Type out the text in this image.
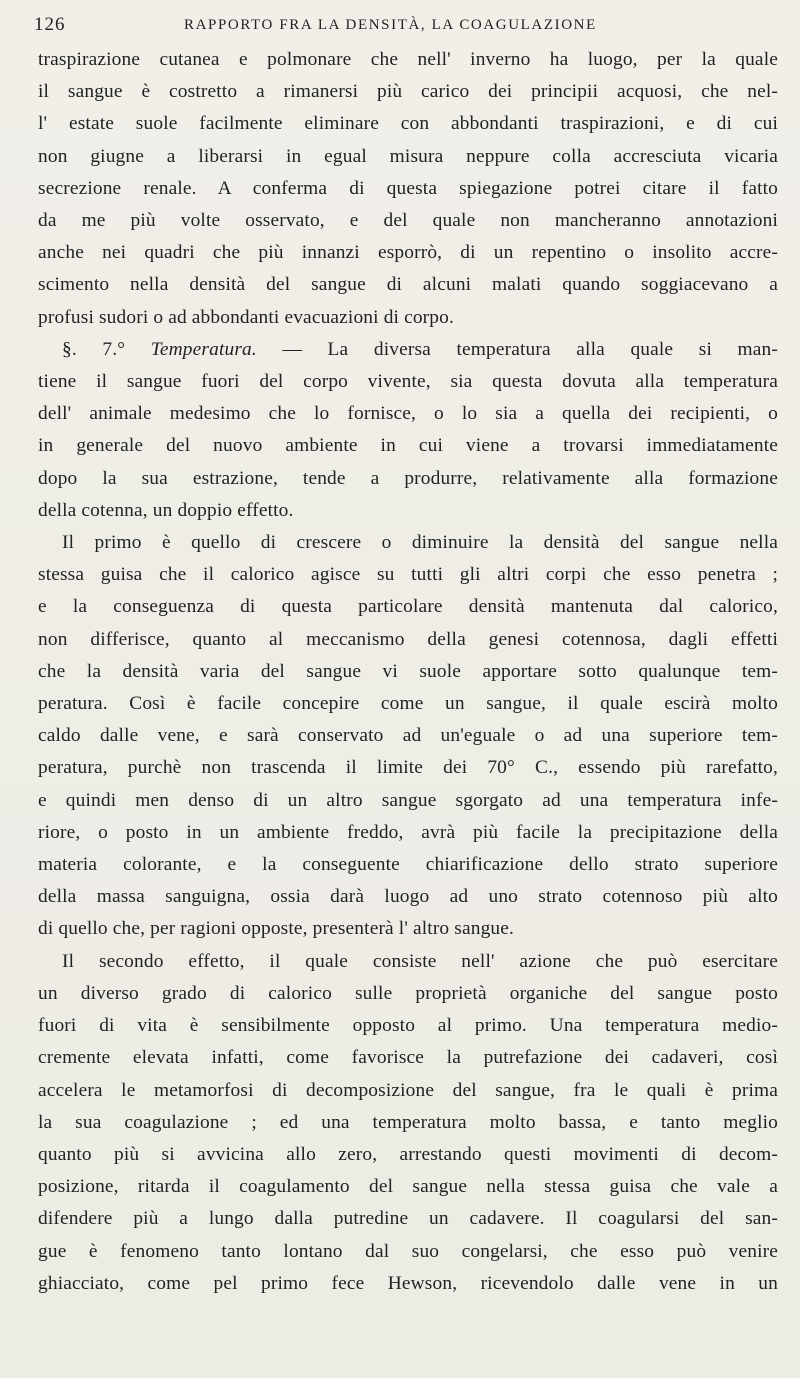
126	RAPPORTO FRA LA DENSITÀ, LA COAGULAZIONE

traspirazione cutanea e polmonare che nell' inverno ha luogo, per la quale
il sangue è costretto a rimanersi più carico dei principii acquosi, che nel-
l' estate suole facilmente eliminare con abbondanti traspirazioni, e di cui
non giugne a liberarsi in egual misura neppure colla accresciuta vicaria
secrezione renale. A conferma di questa spiegazione potrei citare il fatto
da me più volte osservato, e del quale non mancheranno annotazioni
anche nei quadri che più innanzi esporrò, di un repentino o insolito accre-
scimento nella densità del sangue di alcuni malati quando soggiacevano a
profusi sudori o ad abbondanti evacuazioni di corpo.

§. 7.° Temperatura. — La diversa temperatura alla quale si man-
tiene il sangue fuori del corpo vivente, sia questa dovuta alla temperatura
dell' animale medesimo che lo fornisce, o lo sia a quella dei recipienti, o
in generale del nuovo ambiente in cui viene a trovarsi immediatamente
dopo la sua estrazione, tende a produrre, relativamente alla formazione
della cotenna, un doppio effetto.

Il primo è quello di crescere o diminuire la densità del sangue nella
stessa guisa che il calorico agisce su tutti gli altri corpi che esso penetra ;
e la conseguenza di questa particolare densità mantenuta dal calorico,
non differisce, quanto al meccanismo della genesi cotennosa, dagli effetti
che la densità varia del sangue vi suole apportare sotto qualunque tem-
peratura. Così è facile concepire come un sangue, il quale escirà molto
caldo dalle vene, e sarà conservato ad un'eguale o ad una superiore tem-
peratura, purchè non trascenda il limite dei 70° C., essendo più rarefatto,
e quindi men denso di un altro sangue sgorgato ad una temperatura infe-
riore, o posto in un ambiente freddo, avrà più facile la precipitazione della
materia colorante, e la conseguente chiarificazione dello strato superiore
della massa sanguigna, ossia darà luogo ad uno strato cotennoso più alto
di quello che, per ragioni opposte, presenterà l' altro sangue.

Il secondo effetto, il quale consiste nell' azione che può esercitare
un diverso grado di calorico sulle proprietà organiche del sangue posto
fuori di vita è sensibilmente opposto al primo. Una temperatura medio-
cremente elevata infatti, come favorisce la putrefazione dei cadaveri, così
accelera le metamorfosi di decomposizione del sangue, fra le quali è prima
la sua coagulazione ; ed una temperatura molto bassa, e tanto meglio
quanto più si avvicina allo zero, arrestando questi movimenti di decom-
posizione, ritarda il coagulamento del sangue nella stessa guisa che vale a
difendere più a lungo dalla putredine un cadavere. Il coagularsi del san-
gue è fenomeno tanto lontano dal suo congelarsi, che esso può venire
ghiacciato, come pel primo fece Hewson, ricevendolo dalle vene in un
